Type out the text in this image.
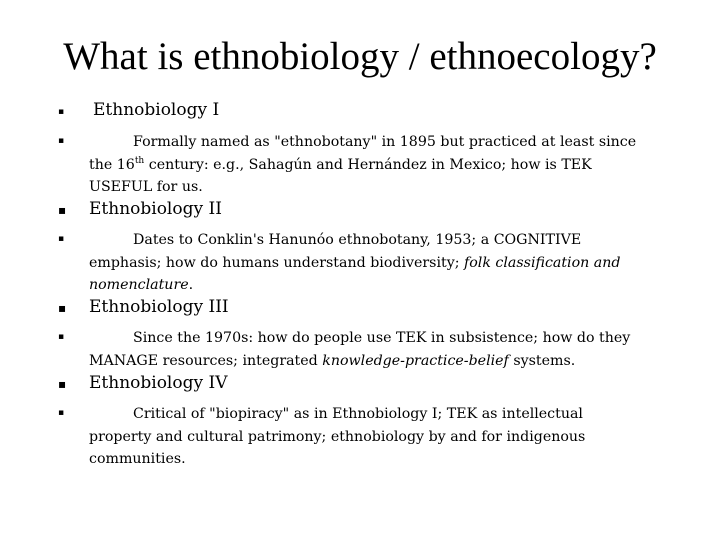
What is ethnobiology / ethnoecology?
▪ Ethnobiology I
▪	Formally named as "ethnobotany" in 1895 but practiced at least since the 16th century: e.g., Sahagún and Hernández in Mexico; how is TEK USEFUL for us.
▪ Ethnobiology II
▪	Dates to Conklin's Hanunóo ethnobotany, 1953; a COGNITIVE emphasis; how do humans understand biodiversity; folk classification and nomenclature.
▪ Ethnobiology III
▪	Since the 1970s: how do people use TEK in subsistence; how do they MANAGE resources; integrated knowledge-practice-belief systems.
▪ Ethnobiology IV
▪	Critical of "biopiracy" as in Ethnobiology I; TEK as intellectual property and cultural patrimony; ethnobiology by and for indigenous communities.
